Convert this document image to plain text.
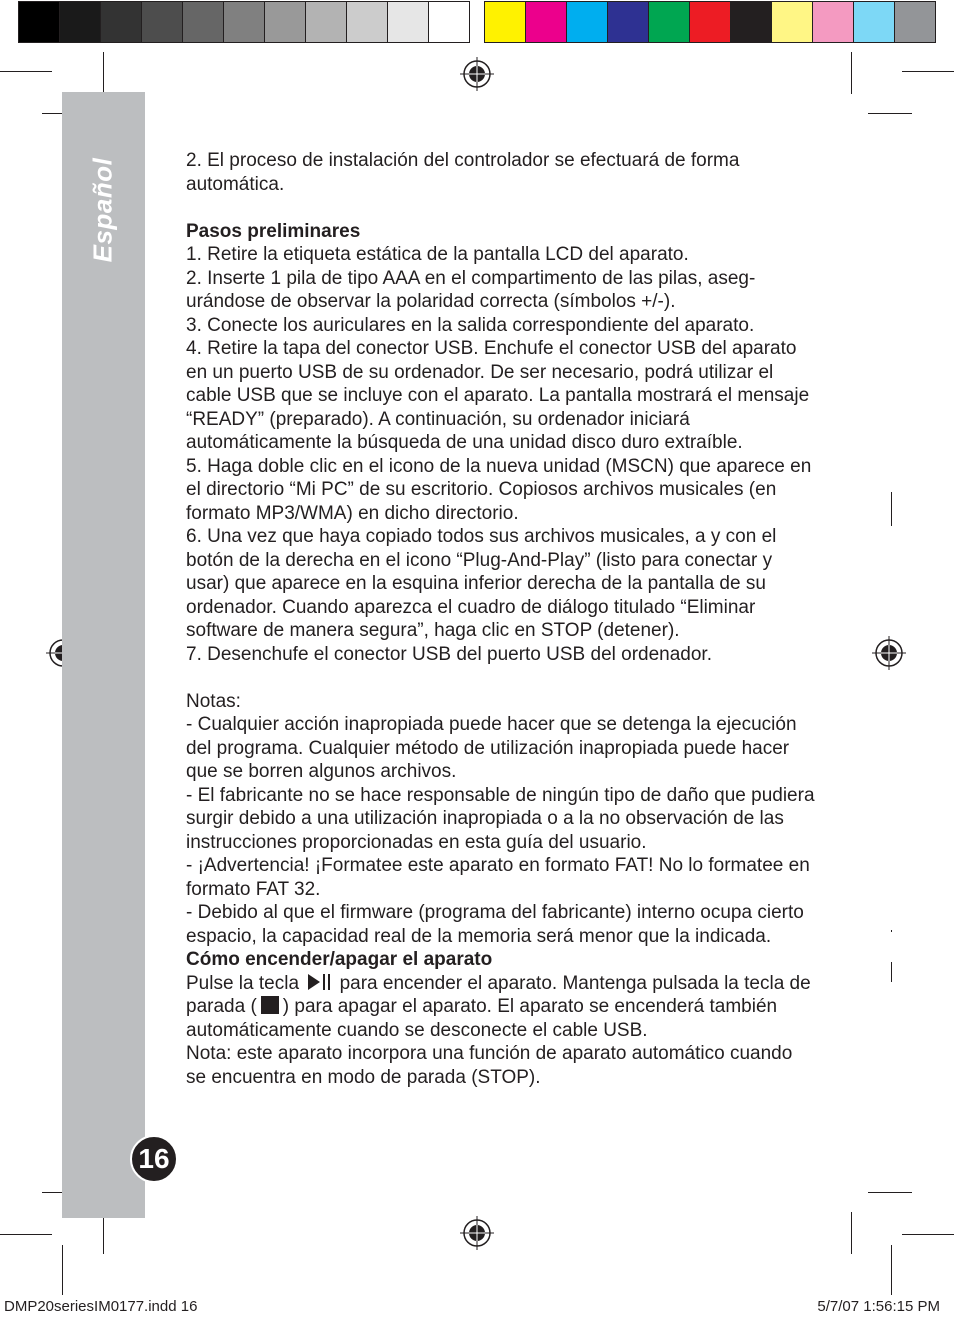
Español
16

2. El proceso de instalación del controlador se efectuará de forma automática.

Pasos preliminares

1. Retire la etiqueta estática de la pantalla LCD del aparato.

2. Inserte 1 pila de tipo AAA en el compartimento de las pilas, aseg-urándose de observar la polaridad correcta (símbolos +/-).

3. Conecte los auriculares en la salida correspondiente del aparato.

4. Retire la tapa del conector USB. Enchufe el conector USB del aparato en un puerto USB de su ordenador. De ser necesario, podrá utilizar el cable USB que se incluye con el aparato. La pantalla mostrará el mensaje “READY” (preparado). A continuación, su ordenador iniciará automáticamente la búsqueda de una unidad disco duro extraíble.

5. Haga doble clic en el icono de la nueva unidad (MSCN) que aparece en el directorio “Mi PC” de su escritorio. Copiosos archivos musicales (en formato MP3/WMA) en dicho directorio.

6. Una vez que haya copiado todos sus archivos musicales, a y con el botón de la derecha en el icono “Plug-And-Play” (listo para conectar y usar) que aparece en la esquina inferior derecha de la pantalla de su ordenador. Cuando aparezca el cuadro de diálogo titulado “Eliminar software de manera segura”, haga clic en STOP (detener).

7. Desenchufe el conector USB del puerto USB del ordenador.

Notas:

- Cualquier acción inapropiada puede hacer que se detenga la ejecución del programa. Cualquier método de utilización inapropiada puede hacer que se borren algunos archivos.

- El fabricante no se hace responsable de ningún tipo de daño que pudiera surgir debido a una utilización inapropiada o a la no observación de las instrucciones proporcionadas en esta guía del usuario.

- ¡Advertencia! ¡Formatee este aparato en formato FAT! No lo formatee en formato FAT 32.

- Debido al que el firmware (programa del fabricante) interno ocupa cierto espacio, la capacidad real de la memoria será menor que la indicada.

Cómo encender/apagar el aparato

Pulse la tecla para encender el aparato. Mantenga pulsada la tecla de parada ( ) para apagar el aparato. El aparato se encenderá también automáticamente cuando se desconecte el cable USB.

Nota: este aparato incorpora una función de aparato automático cuando se encuentra en modo de parada (STOP).

DMP20seriesIM0177.indd 16	5/7/07 1:56:15 PM
